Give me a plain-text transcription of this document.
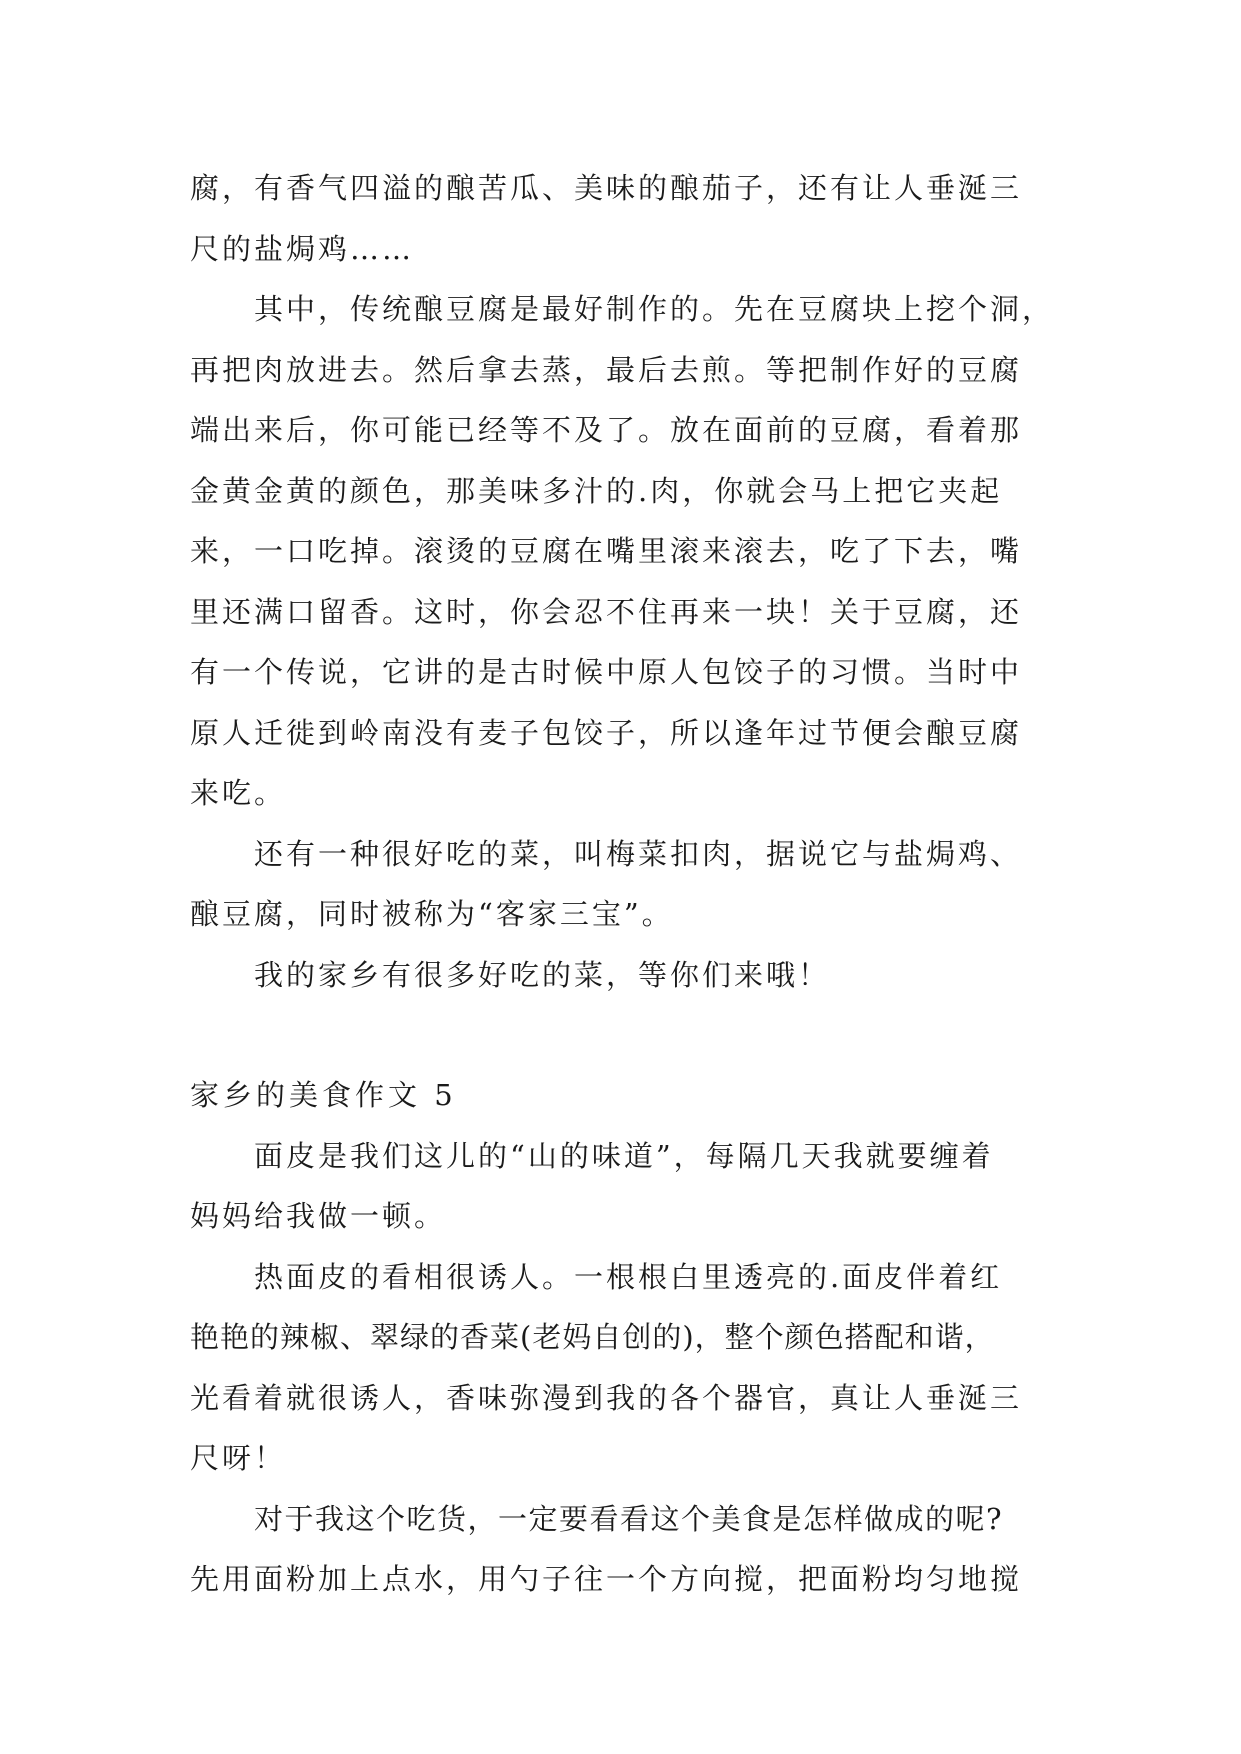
腐，有香气四溢的酿苦瓜、美味的酿茄子，还有让人垂涎三
尺的盐焗鸡……
其中，传统酿豆腐是最好制作的。先在豆腐块上挖个洞，
再把肉放进去。然后拿去蒸，最后去煎。等把制作好的豆腐
端出来后，你可能已经等不及了。放在面前的豆腐，看着那
金黄金黄的颜色，那美味多汁的.肉，你就会马上把它夹起
来，一口吃掉。滚烫的豆腐在嘴里滚来滚去，吃了下去，嘴
里还满口留香。这时，你会忍不住再来一块！关于豆腐，还
有一个传说，它讲的是古时候中原人包饺子的习惯。当时中
原人迁徙到岭南没有麦子包饺子，所以逢年过节便会酿豆腐
来吃。
还有一种很好吃的菜，叫梅菜扣肉，据说它与盐焗鸡、
酿豆腐，同时被称为“客家三宝”。
我的家乡有很多好吃的菜，等你们来哦！
家乡的美食作文 5
面皮是我们这儿的“山的味道”，每隔几天我就要缠着
妈妈给我做一顿。
热面皮的看相很诱人。一根根白里透亮的.面皮伴着红
艳艳的辣椒、翠绿的香菜(老妈自创的)，整个颜色搭配和谐，
光看着就很诱人，香味弥漫到我的各个器官，真让人垂涎三
尺呀！
对于我这个吃货，一定要看看这个美食是怎样做成的呢?
先用面粉加上点水，用勺子往一个方向搅，把面粉均匀地搅
